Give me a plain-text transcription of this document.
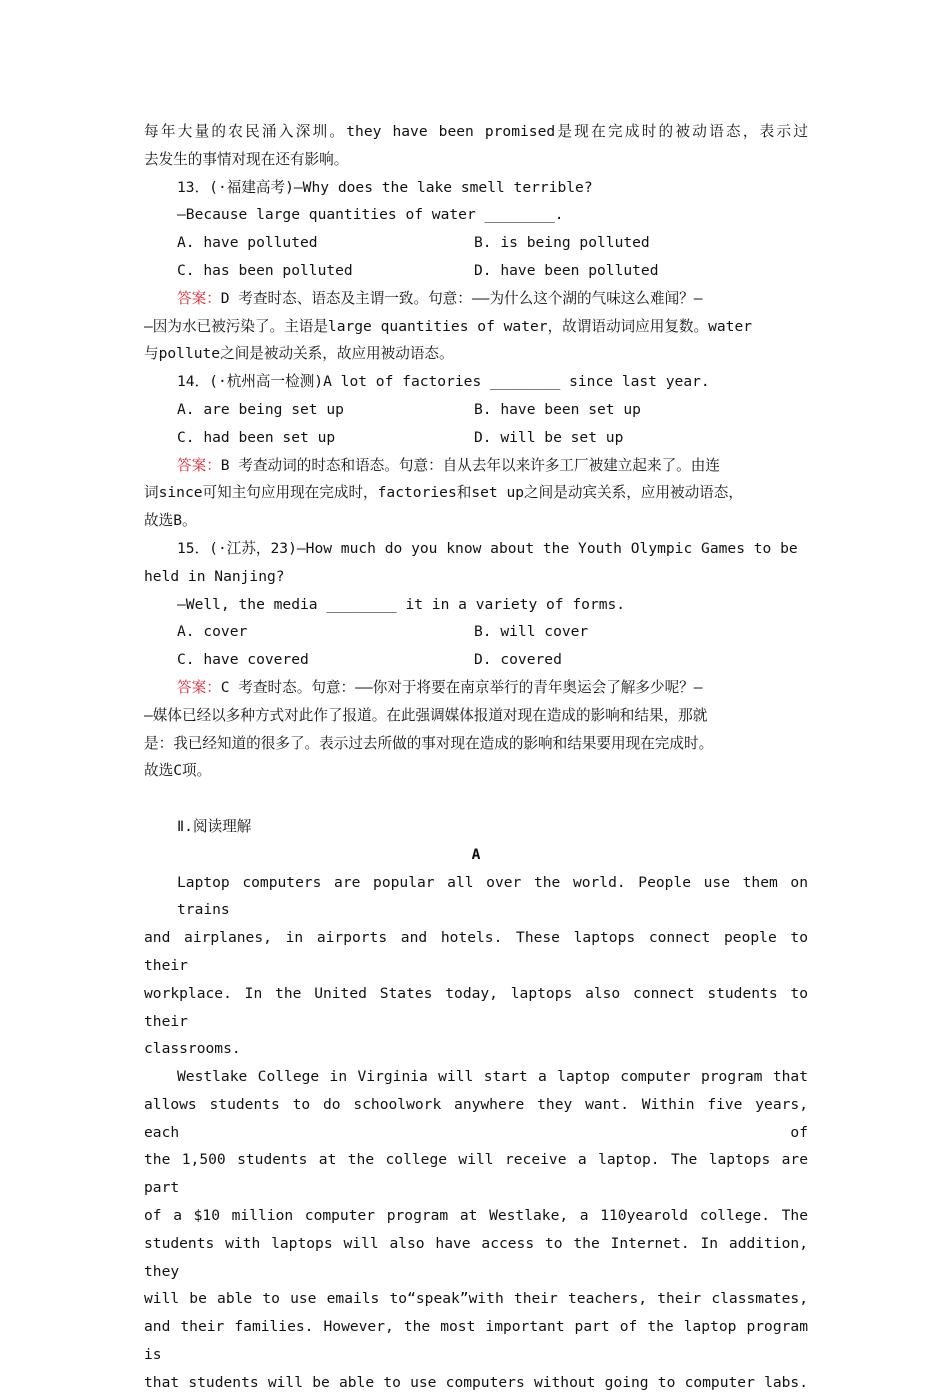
每年大量的农民涌入深圳。they have been promised是现在完成时的被动语态，表示过
去发生的事情对现在还有影响。
13．(·福建高考)—Why does the lake smell terrible?
—Because large quantities of water ________.
A. have polluted	B. is being polluted
C. has been polluted	D. have been polluted
答案：D 考查时态、语态及主谓一致。句意：——为什么这个湖的气味这么难闻？—
—因为水已被污染了。主语是large quantities of water，故谓语动词应用复数。water
与pollute之间是被动关系，故应用被动语态。
14．(·杭州高一检测)A lot of factories ________ since last year.
A. are being set up	B. have been set up
C. had been set up	D. will be set up
答案：B 考查动词的时态和语态。句意：自从去年以来许多工厂被建立起来了。由连
词since可知主句应用现在完成时，factories和set up之间是动宾关系，应用被动语态，
故选B。
15．(·江苏，23)—How much do you know about the Youth Olympic Games to be
held in Nanjing?
—Well, the media ________ it in a variety of forms.
A. cover	B. will cover
C. have covered	D. covered
答案：C 考查时态。句意：——你对于将要在南京举行的青年奥运会了解多少呢？—
—媒体已经以多种方式对此作了报道。在此强调媒体报道对现在造成的影响和结果，那就
是：我已经知道的很多了。表示过去所做的事对现在造成的影响和结果要用现在完成时。
故选C项。
Ⅱ.阅读理解
A
Laptop computers are popular all over the world. People use them on trains
and airplanes, in airports and hotels. These laptops connect people to their
workplace. In the United States today, laptops also connect students to their
classrooms.
Westlake College in Virginia will start a laptop computer program that
allows students to do schoolwork anywhere they want. Within five years, each of
the 1,500 students at the college will receive a laptop. The laptops are part
of a $10 million computer program at Westlake, a 110yearold college. The
students with laptops will also have access to the Internet. In addition, they
will be able to use emails to“speak”with their teachers, their classmates,
and their families. However, the most important part of the laptop program is
that students will be able to use computers without going to computer labs.
